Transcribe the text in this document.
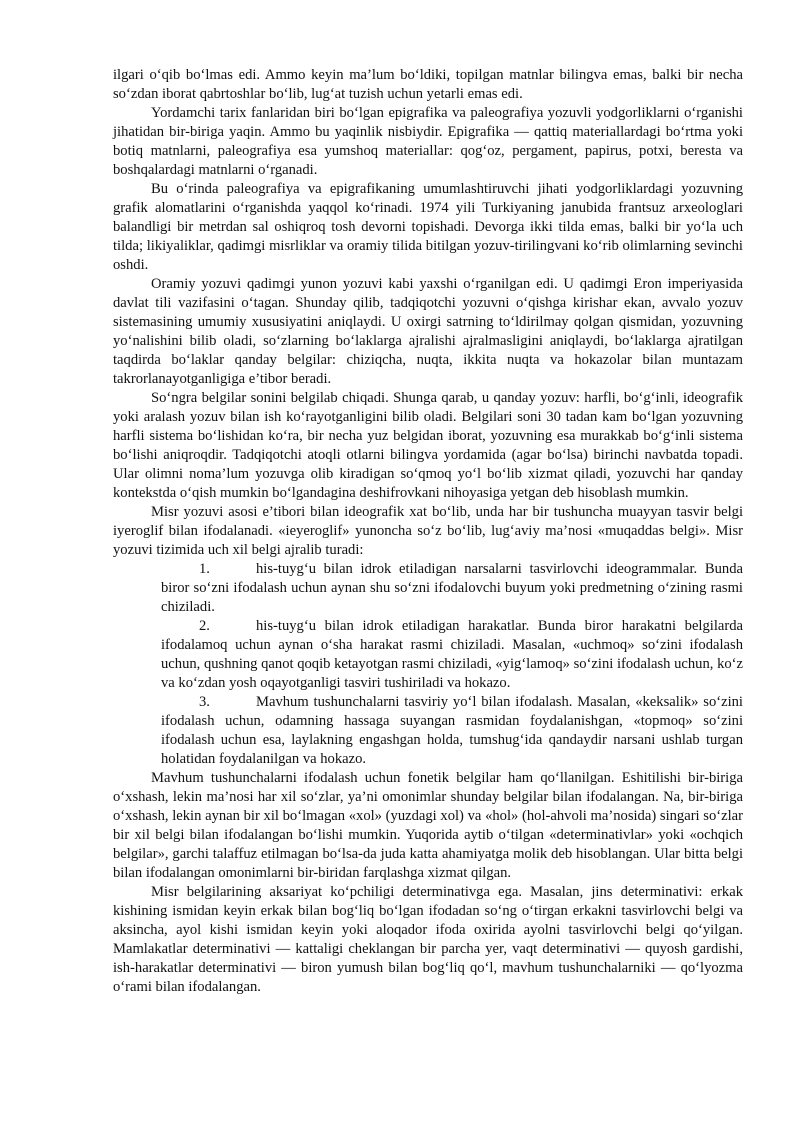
ilgari o‘qib bo‘lmas edi. Ammo keyin ma’lum bo‘ldiki, topilgan matnlar bilingva emas, balki bir necha so‘zdan iborat qabrtoshlar bo‘lib, lug‘at tuzish uchun yetarli emas edi.

Yordamchi tarix fanlaridan biri bo‘lgan epigrafika va paleografiya yozuvli yodgorliklarni o‘rganishi jihatidan bir-biriga yaqin. Ammo bu yaqinlik nisbiydir. Epigrafika — qattiq materiallardagi bo‘rtma yoki botiq matnlarni, paleografiya esa yumshoq materiallar: qog‘oz, pergament, papirus, potxi, beresta va boshqalardagi matnlarni o‘rganadi.

Bu o‘rinda paleografiya va epigrafikaning umumlashtiruvchi jihati yodgorliklardagi yozuvning grafik alomatlarini o‘rganishda yaqqol ko‘rinadi. 1974 yili Turkiyaning janubida frantsuz arxeologlari balandligi bir metrdan sal oshiqroq tosh devorni topishadi. Devorga ikki tilda emas, balki bir yo‘la uch tilda; likiyaliklar, qadimgi misrliklar va oramiy tilida bitilgan yozuv-tirilingvani ko‘rib olimlarning sevinchi oshdi.

Oramiy yozuvi qadimgi yunon yozuvi kabi yaxshi o‘rganilgan edi. U qadimgi Eron imperiyasida davlat tili vazifasini o‘tagan. Shunday qilib, tadqiqotchi yozuvni o‘qishga kirishar ekan, avvalo yozuv sistemasining umumiy xususiyatini aniqlaydi. U oxirgi satrning to‘ldirilmay qolgan qismidan, yozuvning yo‘nalishini bilib oladi, so‘zlarning bo‘laklarga ajralishi ajralmasligini aniqlaydi, bo‘laklarga ajratilgan taqdirda bo‘laklar qanday belgilar: chiziqcha, nuqta, ikkita nuqta va hokazolar bilan muntazam takrorlanayotganligiga e’tibor beradi.

So‘ngra belgilar sonini belgilab chiqadi. Shunga qarab, u qanday yozuv: harfli, bo‘g‘inli, ideografik yoki aralash yozuv bilan ish ko‘rayotganligini bilib oladi. Belgilari soni 30 tadan kam bo‘lgan yozuvning harfli sistema bo‘lishidan ko‘ra, bir necha yuz belgidan iborat, yozuvning esa murakkab bo‘g‘inli sistema bo‘lishi aniqroqdir. Tadqiqotchi atoqli otlarni bilingva yordamida (agar bo‘lsa) birinchi navbatda topadi. Ular olimni noma’lum yozuvga olib kiradigan so‘qmoq yo‘l bo‘lib xizmat qiladi, yozuvchi har qanday kontekstda o‘qish mumkin bo‘lgandagina deshifrovkani nihoyasiga yetgan deb hisoblash mumkin.

Misr yozuvi asosi e’tibori bilan ideografik xat bo‘lib, unda har bir tushuncha muayyan tasvir belgi iyeroglif bilan ifodalanadi. «ieyeroglif» yunoncha so‘z bo‘lib, lug‘aviy ma’nosi «muqaddas belgi». Misr yozuvi tizimida uch xil belgi ajralib turadi:

1.	his-tuyg‘u bilan idrok etiladigan narsalarni tasvirlovchi ideogrammalar. Bunda biror so‘zni ifodalash uchun aynan shu so‘zni ifodalovchi buyum yoki predmetning o‘zining rasmi chiziladi.
2.	his-tuyg‘u bilan idrok etiladigan harakatlar. Bunda biror harakatni belgilarda ifodalamoq uchun aynan o‘sha harakat rasmi chiziladi. Masalan, «uchmoq» so‘zini ifodalash uchun, qushning qanot qoqib ketayotgan rasmi chiziladi, «yig‘lamoq» so‘zini ifodalash uchun, ko‘z va ko‘zdan yosh oqayotganligi tasviri tushiriladi va hokazo.
3.	Mavhum tushunchalarni tasviriy yo‘l bilan ifodalash. Masalan, «keksalik» so‘zini ifodalash uchun, odamning hassaga suyangan rasmidan foydalanishgan, «topmoq» so‘zini ifodalash uchun esa, laylakning engashgan holda, tumshug‘ida qandaydir narsani ushlab turgan holatidan foydalanilgan va hokazo.

Mavhum tushunchalarni ifodalash uchun fonetik belgilar ham qo‘llanilgan. Eshitilishi bir-biriga o‘xshash, lekin ma’nosi har xil so‘zlar, ya’ni omonimlar shunday belgilar bilan ifodalangan. Na, bir-biriga o‘xshash, lekin aynan bir xil bo‘lmagan «xol» (yuzdagi xol) va «hol» (hol-ahvoli ma’nosida) singari so‘zlar bir xil belgi bilan ifodalangan bo‘lishi mumkin. Yuqorida aytib o‘tilgan «determinativlar» yoki «ochqich belgilar», garchi talaffuz etilmagan bo‘lsa-da juda katta ahamiyatga molik deb hisoblangan. Ular bitta belgi bilan ifodalangan omonimlarni bir-biridan farqlashga xizmat qilgan.

Misr belgilarining aksariyat ko‘pchiligi determinativga ega. Masalan, jins determinativi: erkak kishining ismidan keyin erkak bilan bog‘liq bo‘lgan ifodadan so‘ng o‘tirgan erkakni tasvirlovchi belgi va aksincha, ayol kishi ismidan keyin yoki aloqador ifoda oxirida ayolni tasvirlovchi belgi qo‘yilgan. Mamlakatlar determinativi — kattaligi cheklangan bir parcha yer, vaqt determinativi — quyosh gardishi, ish-harakatlar determinativi — biron yumush bilan bog‘liq qo‘l, mavhum tushunchalarniki — qo‘lyozma o‘rami bilan ifodalangan.
